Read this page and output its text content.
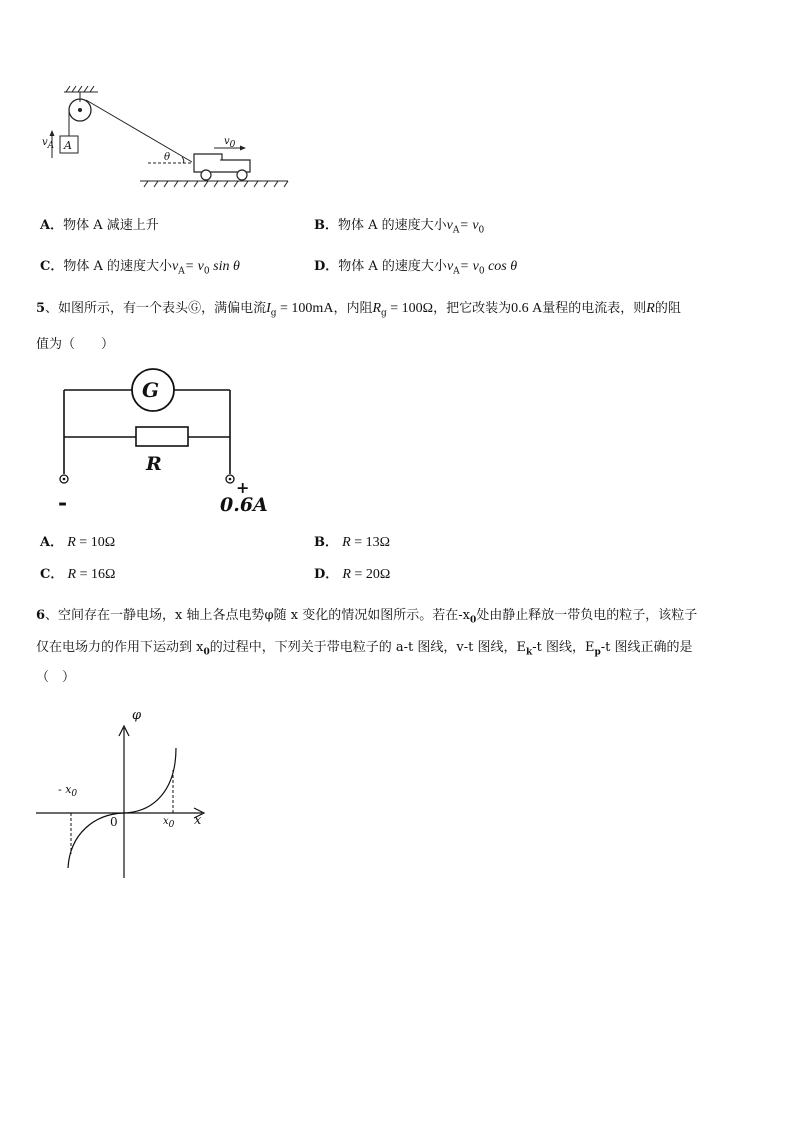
$v_A$ A	$v_0$
θ
A．物体 A 减速上升	B．物体 A 的速度大小$v_A= v_0$
C．物体 A 的速度大小$v_A= v_0$ sin θ	D．物体 A 的速度大小$v_A= v_0$ cos θ
5、如图所示，有一个表头Ⓖ，满偏电流$I_g = 100mA$，内阻$R_g = 100\Omega$，把它改装为0.6 A量程的电流表，则R的阻
值为（　　）
G
R
-
+
0.6A
A． R = 10Ω	B． R = 13Ω
C． R = 16Ω	D． R = 20Ω
6、空间存在一静电场，x 轴上各点电势φ随 x 变化的情况如图所示。若在$-x_0$处由静止释放一带负电的粒子，该粒子
仅在电场力的作用下运动到 $x_0$的过程中，下列关于带电粒子的 a-t 图线，v-t 图线，$E_k-t$ 图线，$E_p-t$ 图线正确的是
（　）
φ
- $x_0$
0	$x_0$ x
